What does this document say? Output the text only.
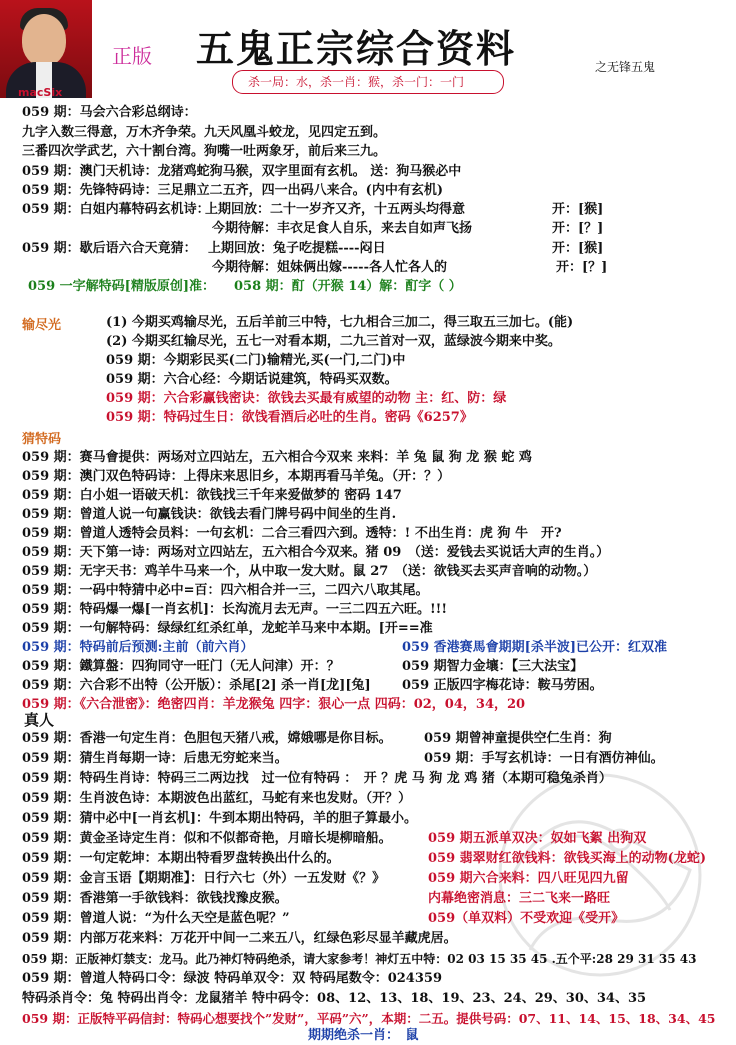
macSix
正版 五鬼正宗综合资料	之无锋五鬼
杀一局：水，杀一肖：猴，杀一门：一门
059 期：马会六合彩总纲诗：
九字入数三得意，万木齐争荣。九天风凰斗蛟龙，见四定五到。
三番四次学武艺，六十割台湾。狗嘴一吐两象牙，前后来三九。
059 期：澳门天机诗：龙猪鸡蛇狗马猴，双字里面有玄机。 送：狗马猴必中
059 期：先锋特码诗：三足鼎立二五齐，四一出码八来合。(内中有玄机)
059 期：白姐内幕特码玄机诗：
上期回放：二十一岁齐又齐，十五两头均得意	开：[猴]
今期待解：丰衣足食人自乐，来去自如声飞扬	开：[？]
059 期：歇后语六合天竟猜： 上期回放：兔子吃提糕----闷日	开：[猴]
今期待解：姐妹俩出嫁-----各人忙各人的	开：[？]
059 一字解特码[精版原创]准： 058 期：酊（开猴 14）解：酊字（ ）
输尽光	(1) 今期买鸡输尽光，五后羊前三中特，七九相合三加二，得三取五三加七。(能)
(2) 今期买红输尽光，五七一对看本期，二九三首对一双，蓝绿波今期来中奖。
059 期：今期彩民买(二门)输精光,买(一门,二门)中
059 期：六合心经：今期话说建筑，特码买双数。
059 期：六合彩赢钱密诀：欲钱去买最有威望的动物 主：红、防：绿
059 期：特码过生日：欲饯看酒后必吐的生肖。密码《6257》
猜特码
059 期：赛马會提供：两场对立四站左，五六相合今双来 来料：羊 兔 鼠 狗 龙 猴 蛇 鸡
059 期：澳门双色特码诗：上得床来思旧乡，本期再看马羊兔。（开：？）
059 期：白小姐一语破天机：欲钱找三千年来爱做梦的 密码 147
059 期：曾道人说一句赢钱诀：欲钱去看门牌号码中间坐的生肖.
059 期：曾道人透特会员料：一句玄机：二合三看四六到。透特：! 不出生肖：虎 狗 牛　开?
059 期：天下第一诗：两场对立四站左，五六相合今双来。猪 09　（送：爱钱去买说话大声的生肖。）
059 期：无字天书：鸡羊牛马来一个，从中取一发大财。鼠 27　（送：欲钱买去买声音响的动物。）
059 期：一码中特猜中必中=百：四六相合并一三，二四六八取其尾。
059 期：特码爆一爆[一肖玄机]：长沟流月去无声。一三二四五六旺。!!!
059 期：一句解特码：绿绿红红杀红单，龙蛇羊马来中本期。[开==准
059 期：特码前后预测:主前（前六肖）	059 香港赛馬會期期[杀半波]已公开：红双准
059 期：鐵算盤：四狗同守一旺门（无人问津）开：？	059 期智力金壤：【三大法宝】
059 期：六合彩不出特（公开版）：杀尾[2] 杀一肖[龙][兔] 059 正版四字梅花诗：鞍马劳困。
059 期：《六合泄密》：绝密四肖：羊龙猴兔 四字：狠心一点 四码：02，04，34，20
真人
059 期：香港一句定生肖：色胆包天猪八戒，嫦娥哪是你目标。 059 期曾神童提供空仁生肖：狗
059 期：猜生肖每期一诗：后患无穷蛇来当。	059 期：手写玄机诗：一日有酒仿神仙。
059 期：特码生肖诗：特码三二两边找　过一位有特码 ：　开 ？虎 马 狗 龙 鸡 猪（本期可稳兔杀肖）
059 期：生肖波色诗：本期波色出蓝红，马蛇有来也发财。（开？）
059 期：猜中必中[一肖玄机]：牛到本期出特码，羊的胆子算最小。
059 期：黄金圣诗定生肖：似和不似都奇艳，月暗长堤柳暗船。	059 期五派单双决：奴如飞絮 出狗双
059 期：一句定乾坤：本期出特看罗盘转换出什么的。	059 翡翠财红欲钱料：欲钱买海上的动物(龙蛇)
059 期：金言玉语【期期准】：日行六七（外）一五发财《？》	059 期六合来料：四八旺见四九留
059 期：香港第一手欲钱料：欲钱找豫皮猴。	内幕绝密消息：三二飞来一路旺
059 期：曾道人说：“为什么天空是蓝色呢？”	059（单双料）不受欢迎《受开》
059 期：内部万花来料：万花开中间一二来五八，红绿色彩尽显羊藏虎居。
059 期：正版神灯禁支：龙马。此乃神灯特码绝杀，请大家参考！神灯五中特：02 03 15 35 45 .五个平:28 29 31 35 43
059 期：曾道人特码口令：绿波 特码单双令：双 特码尾数令：024359
特码杀肖令：兔 特码出肖令：龙鼠猪羊 特中码令：08、12、13、18、19、23、24、29、30、34、35
059 期：正版特平码信封：特码心想要找个”发财”，平码”六”，本期：二五。提供号码：07、11、14、15、18、34、45
期期绝杀一肖：　鼠
